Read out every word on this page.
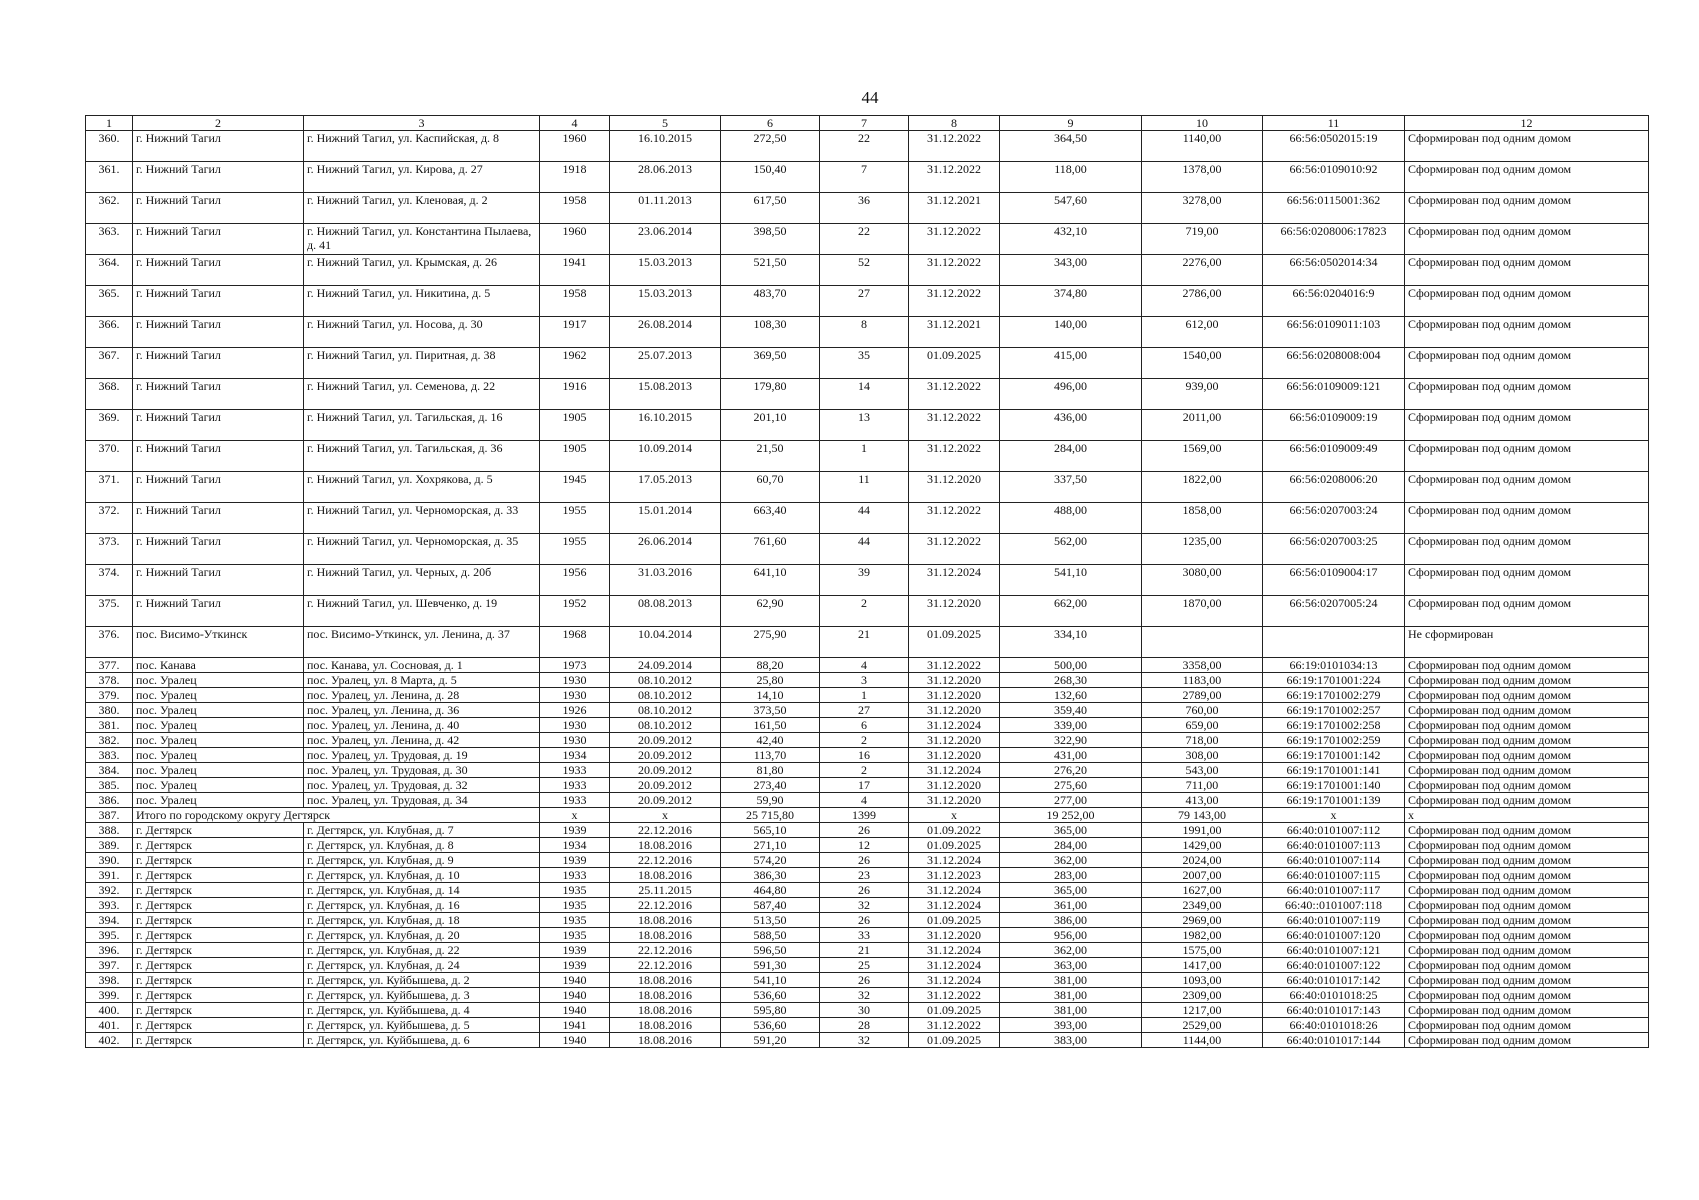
44
1	2	3	4	5	6	7	8	9	10	11	12
360.	г. Нижний Тагил	г. Нижний Тагил, ул. Каспийская, д. 8	1960	16.10.2015	272,50	22	31.12.2022	364,50	1140,00	66:56:0502015:19	Сформирован под одним домом
361.	г. Нижний Тагил	г. Нижний Тагил, ул. Кирова, д. 27	1918	28.06.2013	150,40	7	31.12.2022	118,00	1378,00	66:56:0109010:92	Сформирован под одним домом
362.	г. Нижний Тагил	г. Нижний Тагил, ул. Кленовая, д. 2	1958	01.11.2013	617,50	36	31.12.2021	547,60	3278,00	66:56:0115001:362	Сформирован под одним домом
363.	г. Нижний Тагил	г. Нижний Тагил, ул. Константина Пылаева, д. 41	1960	23.06.2014	398,50	22	31.12.2022	432,10	719,00	66:56:0208006:17823	Сформирован под одним домом
364.	г. Нижний Тагил	г. Нижний Тагил, ул. Крымская, д. 26	1941	15.03.2013	521,50	52	31.12.2022	343,00	2276,00	66:56:0502014:34	Сформирован под одним домом
365.	г. Нижний Тагил	г. Нижний Тагил, ул. Никитина, д. 5	1958	15.03.2013	483,70	27	31.12.2022	374,80	2786,00	66:56:0204016:9	Сформирован под одним домом
366.	г. Нижний Тагил	г. Нижний Тагил, ул. Носова, д. 30	1917	26.08.2014	108,30	8	31.12.2021	140,00	612,00	66:56:0109011:103	Сформирован под одним домом
367.	г. Нижний Тагил	г. Нижний Тагил, ул. Пиритная, д. 38	1962	25.07.2013	369,50	35	01.09.2025	415,00	1540,00	66:56:0208008:004	Сформирован под одним домом
368.	г. Нижний Тагил	г. Нижний Тагил, ул. Семенова, д. 22	1916	15.08.2013	179,80	14	31.12.2022	496,00	939,00	66:56:0109009:121	Сформирован под одним домом
369.	г. Нижний Тагил	г. Нижний Тагил, ул. Тагильская, д. 16	1905	16.10.2015	201,10	13	31.12.2022	436,00	2011,00	66:56:0109009:19	Сформирован под одним домом
370.	г. Нижний Тагил	г. Нижний Тагил, ул. Тагильская, д. 36	1905	10.09.2014	21,50	1	31.12.2022	284,00	1569,00	66:56:0109009:49	Сформирован под одним домом
371.	г. Нижний Тагил	г. Нижний Тагил, ул. Хохрякова, д. 5	1945	17.05.2013	60,70	11	31.12.2020	337,50	1822,00	66:56:0208006:20	Сформирован под одним домом
372.	г. Нижний Тагил	г. Нижний Тагил, ул. Черноморская, д. 33	1955	15.01.2014	663,40	44	31.12.2022	488,00	1858,00	66:56:0207003:24	Сформирован под одним домом
373.	г. Нижний Тагил	г. Нижний Тагил, ул. Черноморская, д. 35	1955	26.06.2014	761,60	44	31.12.2022	562,00	1235,00	66:56:0207003:25	Сформирован под одним домом
374.	г. Нижний Тагил	г. Нижний Тагил, ул. Черных, д. 20б	1956	31.03.2016	641,10	39	31.12.2024	541,10	3080,00	66:56:0109004:17	Сформирован под одним домом
375.	г. Нижний Тагил	г. Нижний Тагил, ул. Шевченко, д. 19	1952	08.08.2013	62,90	2	31.12.2020	662,00	1870,00	66:56:0207005:24	Сформирован под одним домом
376.	пос. Висимо-Уткинск	пос. Висимо-Уткинск, ул. Ленина, д. 37	1968	10.04.2014	275,90	21	01.09.2025	334,10			Не сформирован
377.	пос. Канава	пос. Канава, ул. Сосновая, д. 1	1973	24.09.2014	88,20	4	31.12.2022	500,00	3358,00	66:19:0101034:13	Сформирован под одним домом
378.	пос. Уралец	пос. Уралец, ул. 8 Марта, д. 5	1930	08.10.2012	25,80	3	31.12.2020	268,30	1183,00	66:19:1701001:224	Сформирован под одним домом
379.	пос. Уралец	пос. Уралец, ул. Ленина, д. 28	1930	08.10.2012	14,10	1	31.12.2020	132,60	2789,00	66:19:1701002:279	Сформирован под одним домом
380.	пос. Уралец	пос. Уралец, ул. Ленина, д. 36	1926	08.10.2012	373,50	27	31.12.2020	359,40	760,00	66:19:1701002:257	Сформирован под одним домом
381.	пос. Уралец	пос. Уралец, ул. Ленина, д. 40	1930	08.10.2012	161,50	6	31.12.2024	339,00	659,00	66:19:1701002:258	Сформирован под одним домом
382.	пос. Уралец	пос. Уралец, ул. Ленина, д. 42	1930	20.09.2012	42,40	2	31.12.2020	322,90	718,00	66:19:1701002:259	Сформирован под одним домом
383.	пос. Уралец	пос. Уралец, ул. Трудовая, д. 19	1934	20.09.2012	113,70	16	31.12.2020	431,00	308,00	66:19:1701001:142	Сформирован под одним домом
384.	пос. Уралец	пос. Уралец, ул. Трудовая, д. 30	1933	20.09.2012	81,80	2	31.12.2024	276,20	543,00	66:19:1701001:141	Сформирован под одним домом
385.	пос. Уралец	пос. Уралец, ул. Трудовая, д. 32	1933	20.09.2012	273,40	17	31.12.2020	275,60	711,00	66:19:1701001:140	Сформирован под одним домом
386.	пос. Уралец	пос. Уралец, ул. Трудовая, д. 34	1933	20.09.2012	59,90	4	31.12.2020	277,00	413,00	66:19:1701001:139	Сформирован под одним домом
387.	Итого по городскому округу Дегтярск		x	x	25 715,80	1399	x	19 252,00	79 143,00	x	x
388.	г. Дегтярск	г. Дегтярск, ул. Клубная, д. 7	1939	22.12.2016	565,10	26	01.09.2022	365,00	1991,00	66:40:0101007:112	Сформирован под одним домом
389.	г. Дегтярск	г. Дегтярск, ул. Клубная, д. 8	1934	18.08.2016	271,10	12	01.09.2025	284,00	1429,00	66:40:0101007:113	Сформирован под одним домом
390.	г. Дегтярск	г. Дегтярск, ул. Клубная, д. 9	1939	22.12.2016	574,20	26	31.12.2024	362,00	2024,00	66:40:0101007:114	Сформирован под одним домом
391.	г. Дегтярск	г. Дегтярск, ул. Клубная, д. 10	1933	18.08.2016	386,30	23	31.12.2023	283,00	2007,00	66:40:0101007:115	Сформирован под одним домом
392.	г. Дегтярск	г. Дегтярск, ул. Клубная, д. 14	1935	25.11.2015	464,80	26	31.12.2024	365,00	1627,00	66:40:0101007:117	Сформирован под одним домом
393.	г. Дегтярск	г. Дегтярск, ул. Клубная, д. 16	1935	22.12.2016	587,40	32	31.12.2024	361,00	2349,00	66:40::0101007:118	Сформирован под одним домом
394.	г. Дегтярск	г. Дегтярск, ул. Клубная, д. 18	1935	18.08.2016	513,50	26	01.09.2025	386,00	2969,00	66:40:0101007:119	Сформирован под одним домом
395.	г. Дегтярск	г. Дегтярск, ул. Клубная, д. 20	1935	18.08.2016	588,50	33	31.12.2020	956,00	1982,00	66:40:0101007:120	Сформирован под одним домом
396.	г. Дегтярск	г. Дегтярск, ул. Клубная, д. 22	1939	22.12.2016	596,50	21	31.12.2024	362,00	1575,00	66:40:0101007:121	Сформирован под одним домом
397.	г. Дегтярск	г. Дегтярск, ул. Клубная, д. 24	1939	22.12.2016	591,30	25	31.12.2024	363,00	1417,00	66:40:0101007:122	Сформирован под одним домом
398.	г. Дегтярск	г. Дегтярск, ул. Куйбышева, д. 2	1940	18.08.2016	541,10	26	31.12.2024	381,00	1093,00	66:40:0101017:142	Сформирован под одним домом
399.	г. Дегтярск	г. Дегтярск, ул. Куйбышева, д. 3	1940	18.08.2016	536,60	32	31.12.2022	381,00	2309,00	66:40:0101018:25	Сформирован под одним домом
400.	г. Дегтярск	г. Дегтярск, ул. Куйбышева, д. 4	1940	18.08.2016	595,80	30	01.09.2025	381,00	1217,00	66:40:0101017:143	Сформирован под одним домом
401.	г. Дегтярск	г. Дегтярск, ул. Куйбышева, д. 5	1941	18.08.2016	536,60	28	31.12.2022	393,00	2529,00	66:40:0101018:26	Сформирован под одним домом
402.	г. Дегтярск	г. Дегтярск, ул. Куйбышева, д. 6	1940	18.08.2016	591,20	32	01.09.2025	383,00	1144,00	66:40:0101017:144	Сформирован под одним домом
